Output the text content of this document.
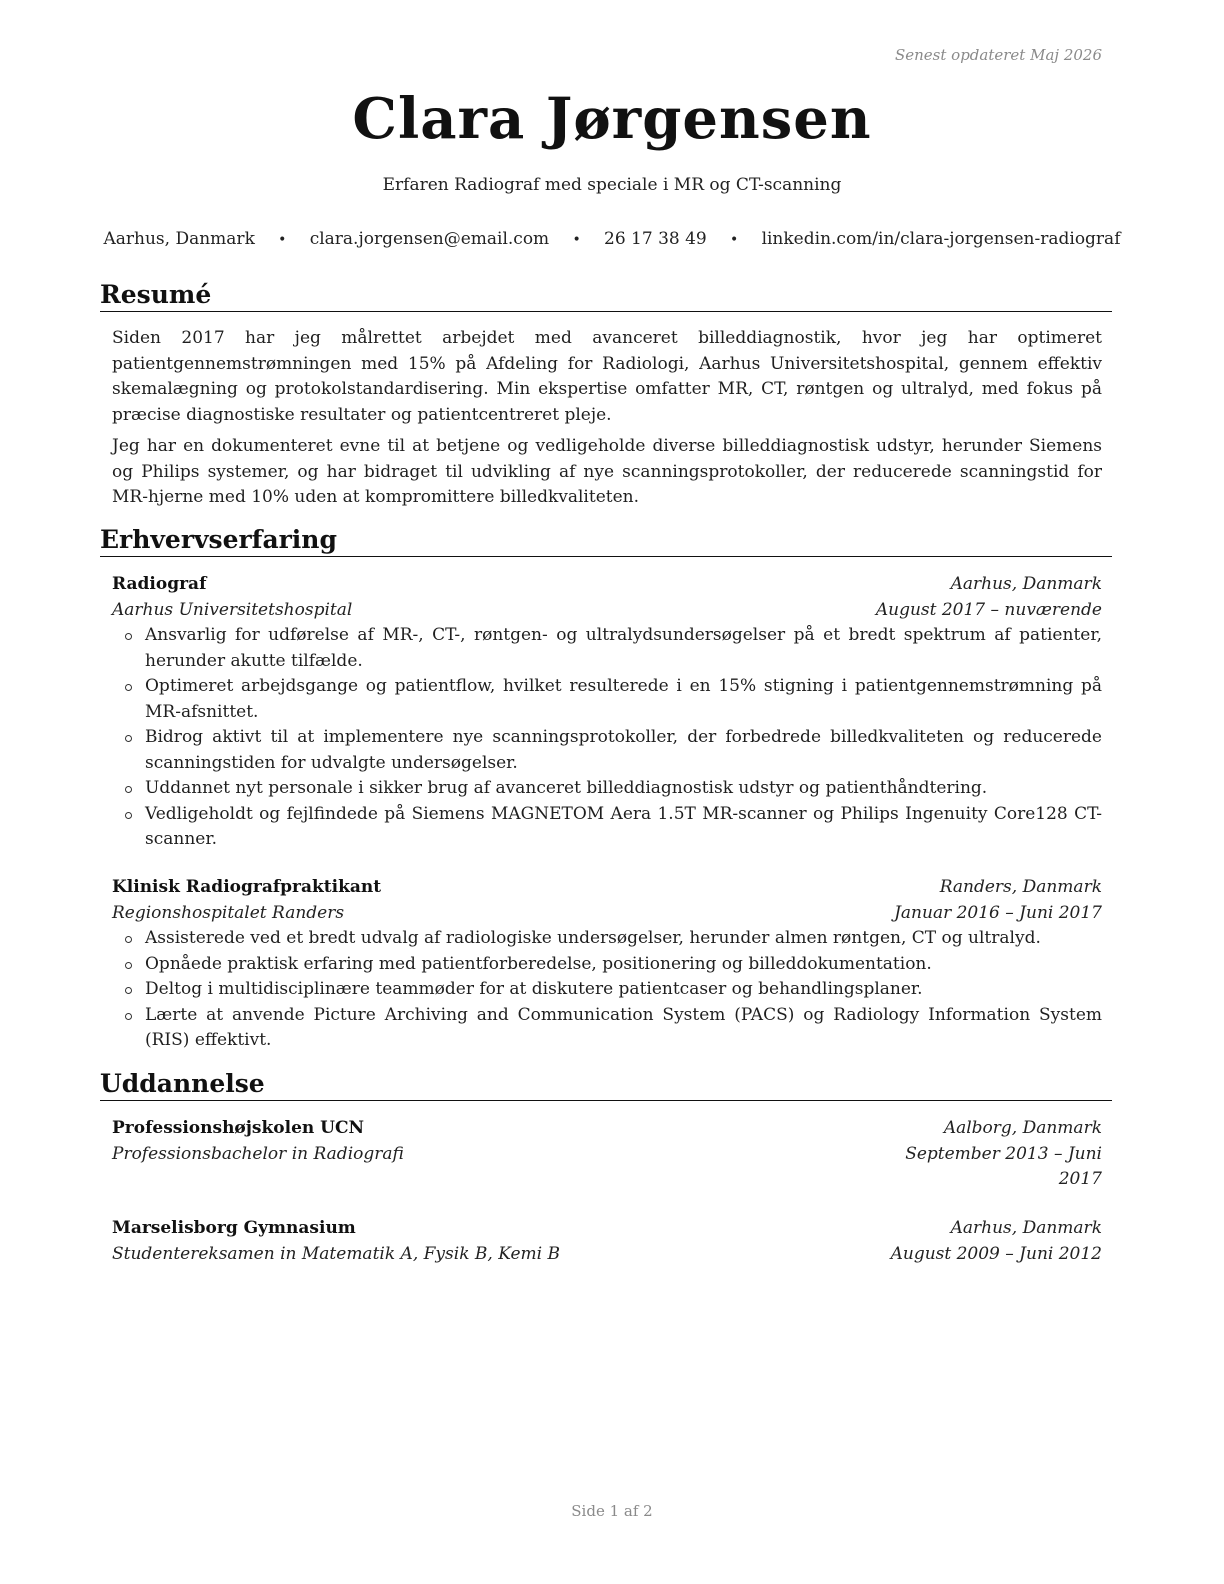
Senest opdateret Maj 2026
Clara Jørgensen
Erfaren Radiograf med speciale i MR og CT-scanning
Aarhus, Danmark • clara.jorgensen@email.com • 26 17 38 49 • linkedin.com/in/clara-jorgensen-radiograf
Resumé

Siden 2017 har jeg målrettet arbejdet med avanceret billeddiagnostik, hvor jeg har optimeret patientgennemstrømningen med 15% på Afdeling for Radiologi, Aarhus Universitetshospital, gennem effektiv skemalægning og protokolstandardisering. Min ekspertise omfatter MR, CT, røntgen og ultralyd, med fokus på præcise diagnostiske resultater og patientcentreret pleje.

Jeg har en dokumenteret evne til at betjene og vedligeholde diverse billeddiagnostisk udstyr, herunder Siemens og Philips systemer, og har bidraget til udvikling af nye scanningsprotokoller, der reducerede scanningstid for MR-hjerne med 10% uden at kompromittere billedkvaliteten.

Erhvervserfaring
Radiograf	Aarhus, Danmark
Aarhus Universitetshospital	August 2017 – nuværende
Ansvarlig for udførelse af MR-, CT-, røntgen- og ultralydsundersøgelser på et bredt spektrum af patienter, herunder akutte tilfælde.
Optimeret arbejdsgange og patientflow, hvilket resulterede i en 15% stigning i patientgennemstrømning på MR-afsnittet.
Bidrog aktivt til at implementere nye scanningsprotokoller, der forbedrede billedkvaliteten og reducerede scanningstiden for udvalgte undersøgelser.
Uddannet nyt personale i sikker brug af avanceret billeddiagnostisk udstyr og patienthåndtering.
Vedligeholdt og fejlfindede på Siemens MAGNETOM Aera 1.5T MR-scanner og Philips Ingenuity Core128 CT-scanner.
Klinisk Radiografpraktikant	Randers, Danmark
Regionshospitalet Randers	Januar 2016 – Juni 2017
Assisterede ved et bredt udvalg af radiologiske undersøgelser, herunder almen røntgen, CT og ultralyd.
Opnåede praktisk erfaring med patientforberedelse, positionering og billeddokumentation.
Deltog i multidisciplinære teammøder for at diskutere patientcaser og behandlingsplaner.
Lærte at anvende Picture Archiving and Communication System (PACS) og Radiology Information System (RIS) effektivt.
Uddannelse
Professionshøjskolen UCN	Aalborg, Danmark
Professionsbachelor in Radiografi	September 2013 – Juni 2017
Marselisborg Gymnasium	Aarhus, Danmark
Studentereksamen in Matematik A, Fysik B, Kemi B	August 2009 – Juni 2012
Side 1 af 2
